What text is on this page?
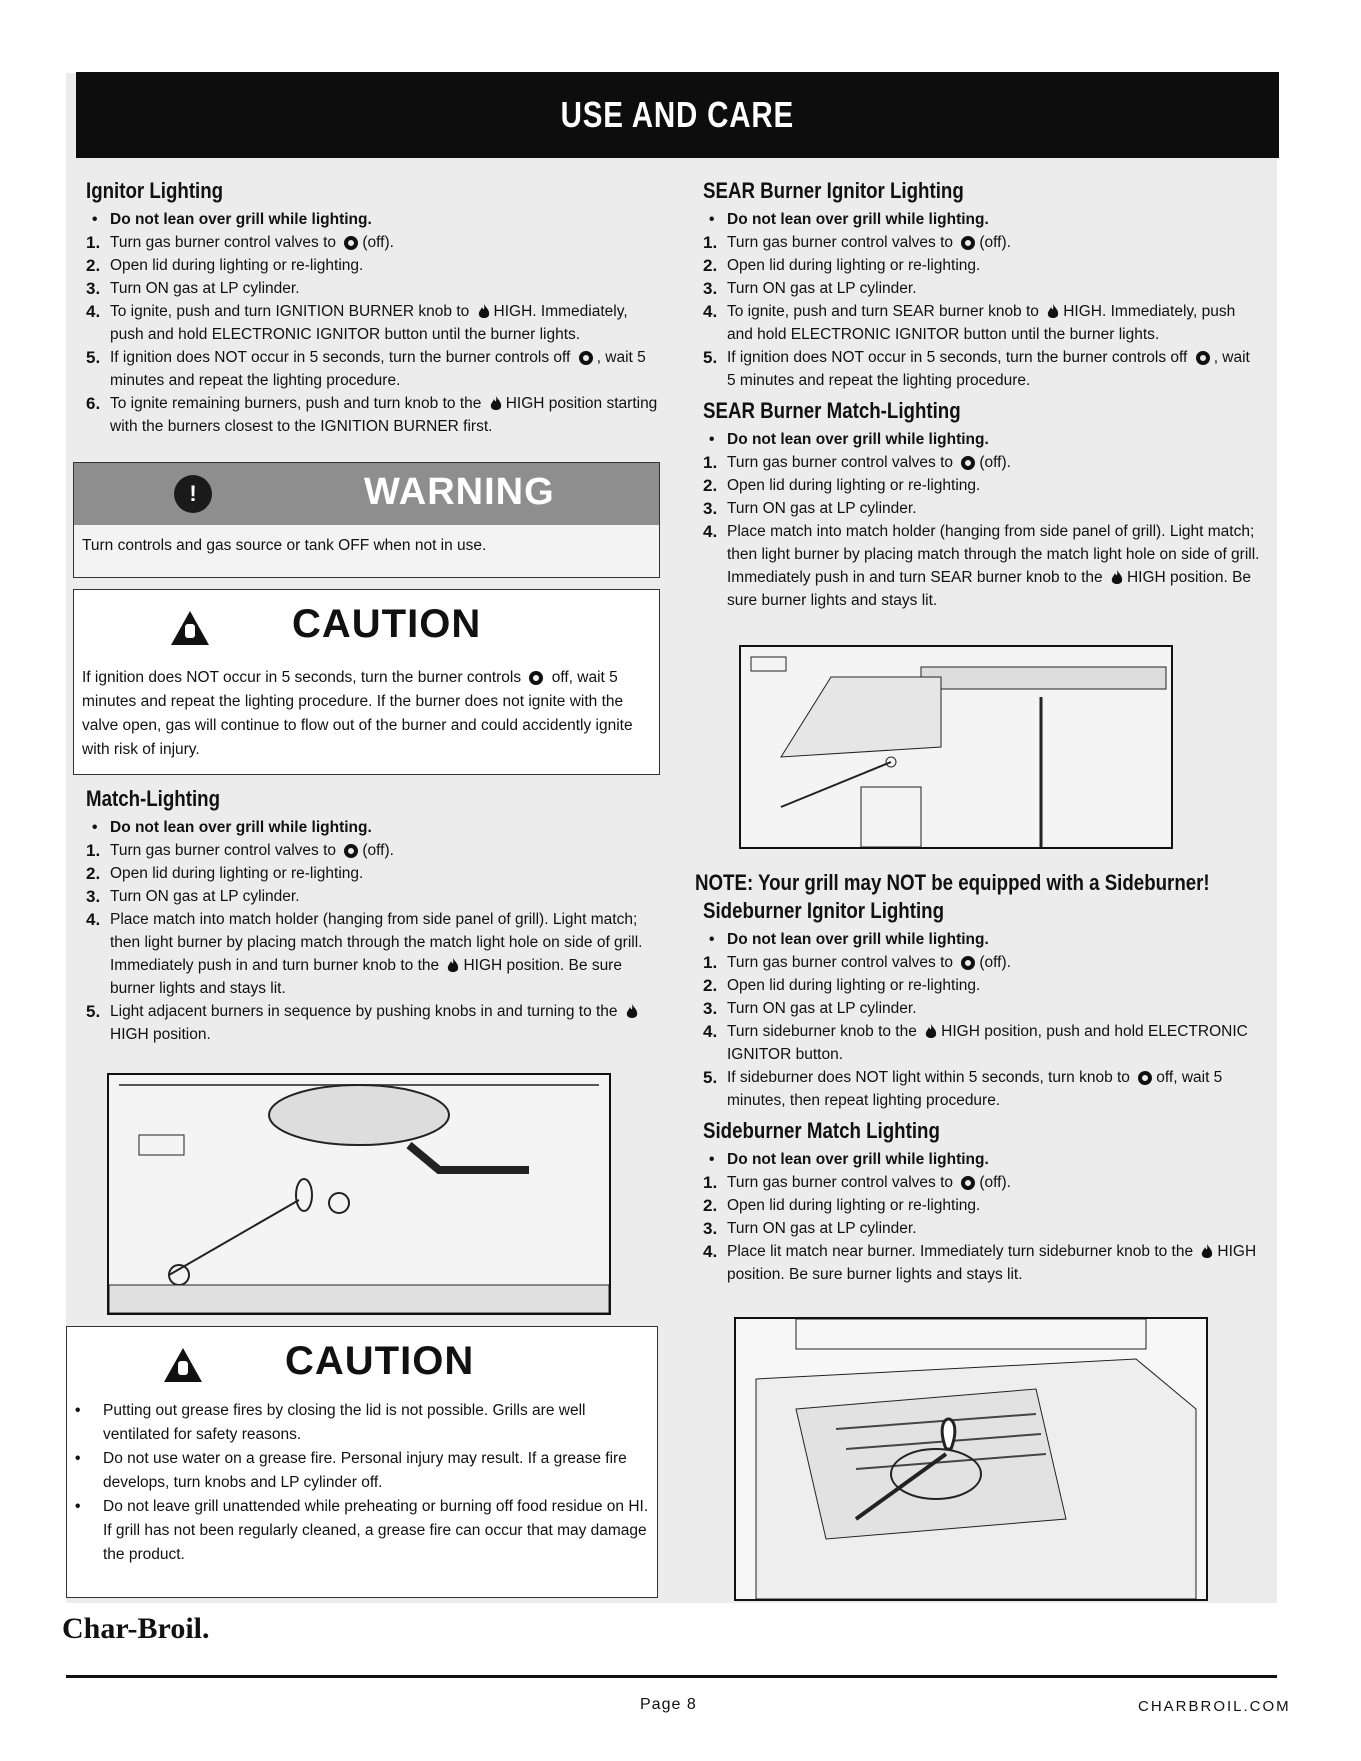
USE AND CARE
Ignitor Lighting
• Do not lean over grill while lighting.
1. Turn gas burner control valves to (off).
2. Open lid during lighting or re-lighting.
3. Turn ON gas at LP cylinder.
4. To ignite, push and turn IGNITION BURNER knob to HIGH. Immediately, push and hold ELECTRONIC IGNITOR button until the burner lights.
5. If ignition does NOT occur in 5 seconds, turn the burner controls off , wait 5 minutes and repeat the lighting procedure.
6. To ignite remaining burners, push and turn knob to the HIGH position starting with the burners closest to the IGNITION BURNER first.
!	WARNING
Turn controls and gas source or tank OFF when not in use.
CAUTION
If ignition does NOT occur in 5 seconds, turn the burner controls  off, wait 5 minutes and repeat the lighting procedure. If the burner does not ignite with the valve open, gas will continue to flow out of the burner and could accidently ignite with risk of injury.
Match-Lighting
• Do not lean over grill while lighting.
1. Turn gas burner control valves to (off).
2. Open lid during lighting or re-lighting.
3. Turn ON gas at LP cylinder.
4. Place match into match holder (hanging from side panel of grill). Light match; then light burner by placing match through the match light hole on side of grill. Immediately push in and turn burner knob to the HIGH position. Be sure burner lights and stays lit.
5. Light adjacent burners in sequence by pushing knobs in and turning to the HIGH position.
CAUTION
•	Putting out grease fires by closing the lid is not possible. Grills are well ventilated for safety reasons.
•	Do not use water on a grease fire. Personal injury may result. If a grease fire develops, turn knobs and LP cylinder off.
•	Do not leave grill unattended while preheating or burning off food residue on HI. If grill has not been regularly cleaned, a grease fire can occur that may damage the product.
SEAR Burner Ignitor Lighting
• Do not lean over grill while lighting.
1. Turn gas burner control valves to (off).
2. Open lid during lighting or re-lighting.
3. Turn ON gas at LP cylinder.
4. To ignite, push and turn SEAR burner knob to HIGH. Immediately, push and hold ELECTRONIC IGNITOR button until the burner lights.
5. If ignition does NOT occur in 5 seconds, turn the burner controls off , wait 5 minutes and repeat the lighting procedure.
SEAR Burner Match-Lighting
• Do not lean over grill while lighting.
1. Turn gas burner control valves to (off).
2. Open lid during lighting or re-lighting.
3. Turn ON gas at LP cylinder.
4. Place match into match holder (hanging from side panel of grill). Light match; then light burner by placing match through the match light hole on side of grill. Immediately push in and turn SEAR burner knob to the HIGH position. Be sure burner lights and stays lit.
NOTE: Your grill may NOT be equipped with a Sideburner!
Sideburner Ignitor Lighting
• Do not lean over grill while lighting.
1. Turn gas burner control valves to (off).
2. Open lid during lighting or re-lighting.
3. Turn ON gas at LP cylinder.
4. Turn sideburner knob to the HIGH position, push and hold ELECTRONIC IGNITOR button.
5. If sideburner does NOT light within 5 seconds, turn knob to off, wait 5 minutes, then repeat lighting procedure.
Sideburner Match Lighting
• Do not lean over grill while lighting.
1. Turn gas burner control valves to (off).
2. Open lid during lighting or re-lighting.
3. Turn ON gas at LP cylinder.
4. Place lit match near burner. Immediately turn sideburner knob to the HIGH position. Be sure burner lights and stays lit.
Char-Broil.
Page 8	CHARBROIL.COM
